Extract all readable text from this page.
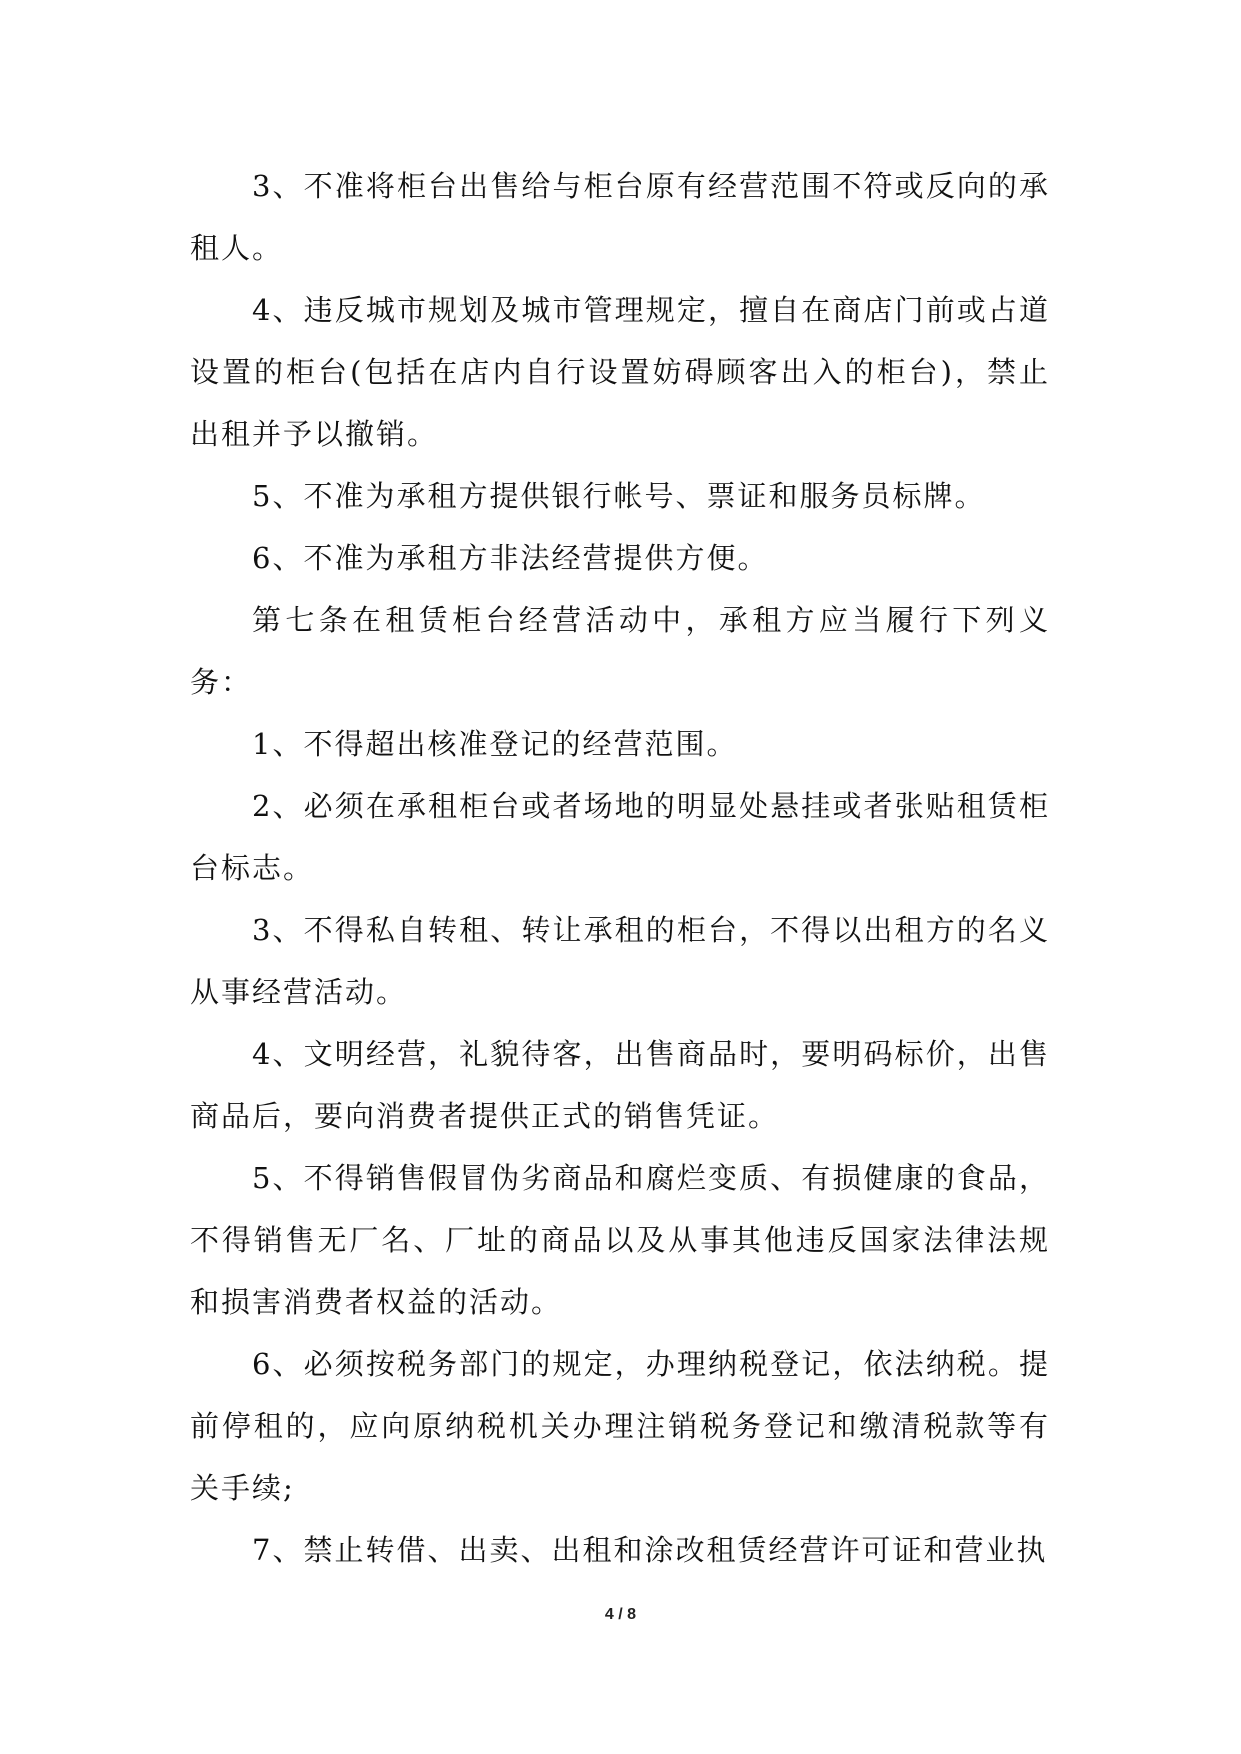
3、不准将柜台出售给与柜台原有经营范围不符或反向的承租人。

4、违反城市规划及城市管理规定，擅自在商店门前或占道设置的柜台(包括在店内自行设置妨碍顾客出入的柜台)，禁止出租并予以撤销。

5、不准为承租方提供银行帐号、票证和服务员标牌。

6、不准为承租方非法经营提供方便。

第七条在租赁柜台经营活动中，承租方应当履行下列义务：

1、不得超出核准登记的经营范围。

2、必须在承租柜台或者场地的明显处悬挂或者张贴租赁柜台标志。

3、不得私自转租、转让承租的柜台，不得以出租方的名义从事经营活动。

4、文明经营，礼貌待客，出售商品时，要明码标价，出售商品后，要向消费者提供正式的销售凭证。

5、不得销售假冒伪劣商品和腐烂变质、有损健康的食品，不得销售无厂名、厂址的商品以及从事其他违反国家法律法规和损害消费者权益的活动。

6、必须按税务部门的规定，办理纳税登记，依法纳税。提前停租的，应向原纳税机关办理注销税务登记和缴清税款等有关手续;

7、禁止转借、出卖、出租和涂改租赁经营许可证和营业执

4 / 8
